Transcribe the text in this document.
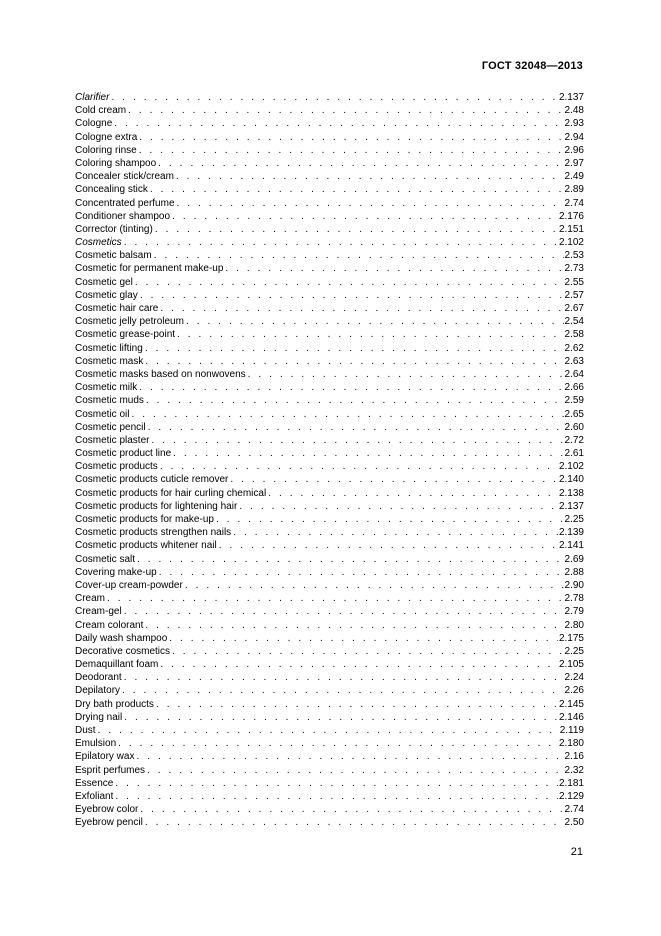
ГОСТ 32048—2013
Clarifier . . .	2.137
Cold cream . . .	2.48
Cologne . . .	2.93
Cologne extra . . .	2.94
Coloring rinse . . .	2.96
Coloring shampoo . . .	2.97
Concealer stick/cream . . .	2.49
Concealing stick . . .	2.89
Concentrated perfume . . .	2.74
Conditioner shampoo . . .	2.176
Corrector (tinting) . . .	2.151
Cosmetics . . .	2.102
Cosmetic balsam . . .	2.53
Cosmetic for permanent make-up . . .	2.73
Cosmetic gel . . .	2.55
Cosmetic glay . . .	2.57
Cosmetic hair care . . .	2.67
Cosmetic jelly petroleum . . .	2.54
Cosmetic grease-point . . .	2.58
Cosmetic lifting . . .	2.62
Cosmetic mask . . .	2.63
Cosmetic masks based on nonwovens . . .	2.64
Cosmetic milk . . .	2.66
Cosmetic muds . . .	2.59
Cosmetic oil . . .	2.65
Cosmetic pencil . . .	2.60
Cosmetic plaster . . .	2.72
Cosmetic product line . . .	2.61
Cosmetic products . . .	2.102
Cosmetic products cuticle remover . . .	2.140
Cosmetic products for hair curling chemical . . .	2.138
Cosmetic products for lightening hair . . .	2.137
Cosmetic products for make-up . . .	2.25
Cosmetic products strengthen nails . . .	2.139
Cosmetic products whitener nail . . .	2.141
Cosmetic salt . . .	2.69
Covering make-up . . .	2.88
Cover-up cream-powder . . .	2.90
Cream . . .	2.78
Cream-gel . . .	2.79
Cream colorant . . .	2.80
Daily wash shampoo . . .	2.175
Decorative cosmetics . . .	2.25
Demaquillant foam . . .	2.105
Deodorant . . .	2.24
Depilatory . . .	2.26
Dry bath products . . .	2.145
Drying nail . . .	2.146
Dust . . .	2.119
Emulsion . . .	2.180
Epilatory wax . . .	2.16
Esprit perfumes . . .	2.32
Essence . . .	2.181
Exfoliant . . .	2.129
Eyebrow color . . .	2.74
Eyebrow pencil . . .	2.50
21
